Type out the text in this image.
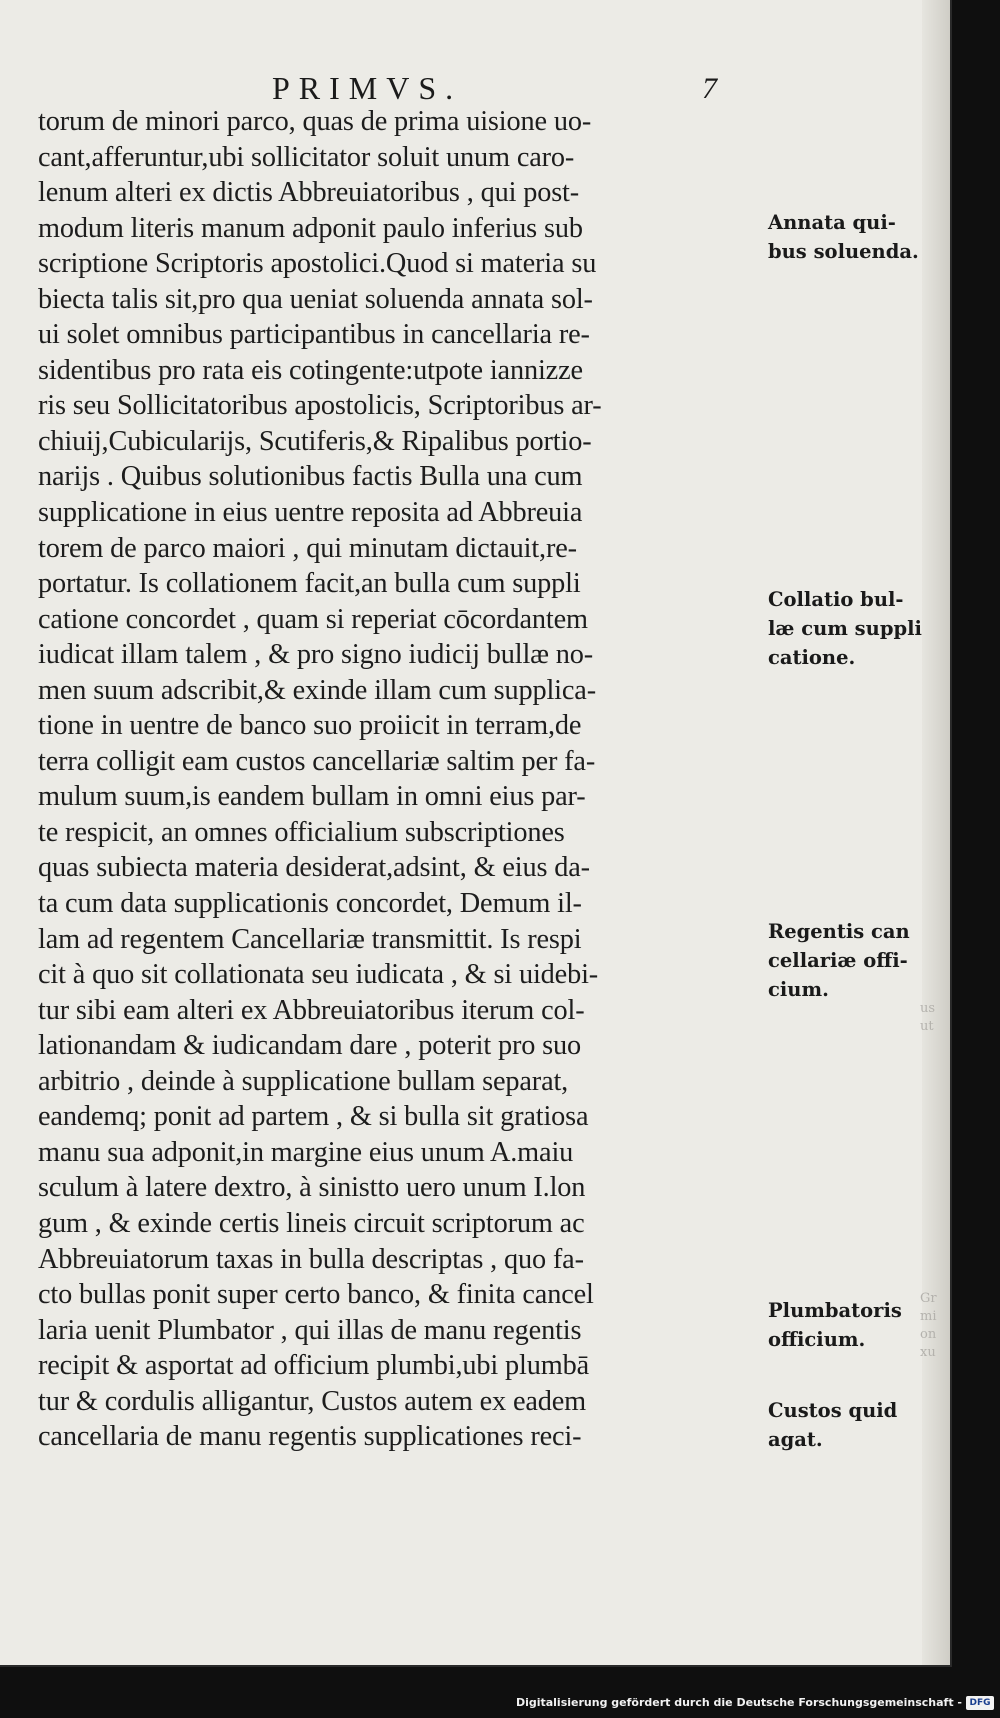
PRIMVS.	7
torum de minori parco, quas de prima uisione uo-
cant,afferuntur,ubi sollicitator soluit unum caro-
lenum alteri ex dictis Abbreuiatoribus , qui post-
modum literis manum adponit paulo inferius sub
scriptione Scriptoris apostolici.Quod si materia su
biecta talis sit,pro qua ueniat soluenda annata sol-
ui solet omnibus participantibus in cancellaria re-
sidentibus pro rata eis cotingente:utpote iannizze
ris seu Sollicitatoribus apostolicis, Scriptoribus ar-
chiuij,Cubicularijs, Scutiferis,& Ripalibus portio-
narijs . Quibus solutionibus factis Bulla una cum
supplicatione in eius uentre reposita ad Abbreuia
torem de parco maiori , qui minutam dictauit,re-
portatur. Is collationem facit,an bulla cum suppli
catione concordet , quam si reperiat cōcordantem
iudicat illam talem , & pro signo iudicij bullæ no-
men suum adscribit,& exinde illam cum supplica-
tione in uentre de banco suo proiicit in terram,de
terra colligit eam custos cancellariæ saltim per fa-
mulum suum,is eandem bullam in omni eius par-
te respicit, an omnes officialium subscriptiones
quas subiecta materia desiderat,adsint, & eius da-
ta cum data supplicationis concordet, Demum il-
lam ad regentem Cancellariæ transmittit. Is respi
cit à quo sit collationata seu iudicata , & si uidebi-
tur sibi eam alteri ex Abbreuiatoribus iterum col-
lationandam & iudicandam dare , poterit pro suo
arbitrio , deinde à supplicatione bullam separat,
eandemq; ponit ad partem , & si bulla sit gratiosa
manu sua adponit,in margine eius unum A.maiu
sculum à latere dextro, à sinistto uero unum I.lon
gum , & exinde certis lineis circuit scriptorum ac
Abbreuiatorum taxas in bulla descriptas , quo fa-
cto bullas ponit super certo banco, & finita cancel
laria uenit Plumbator , qui illas de manu regentis
recipit & asportat ad officium plumbi,ubi plumbā
tur & cordulis alligantur, Custos autem ex eadem
cancellaria de manu regentis supplicationes reci-
Annata qui-
bus soluenda.
Collatio bul-
læ cum suppli
catione.
Regentis can
cellariæ offi-
cium.
Plumbatoris
officium.
Custos quid
agat.
us
ut
Gr
mi
on
xu
Digitalisierung gefördert durch die Deutsche Forschungsgemeinschaft - DFG
